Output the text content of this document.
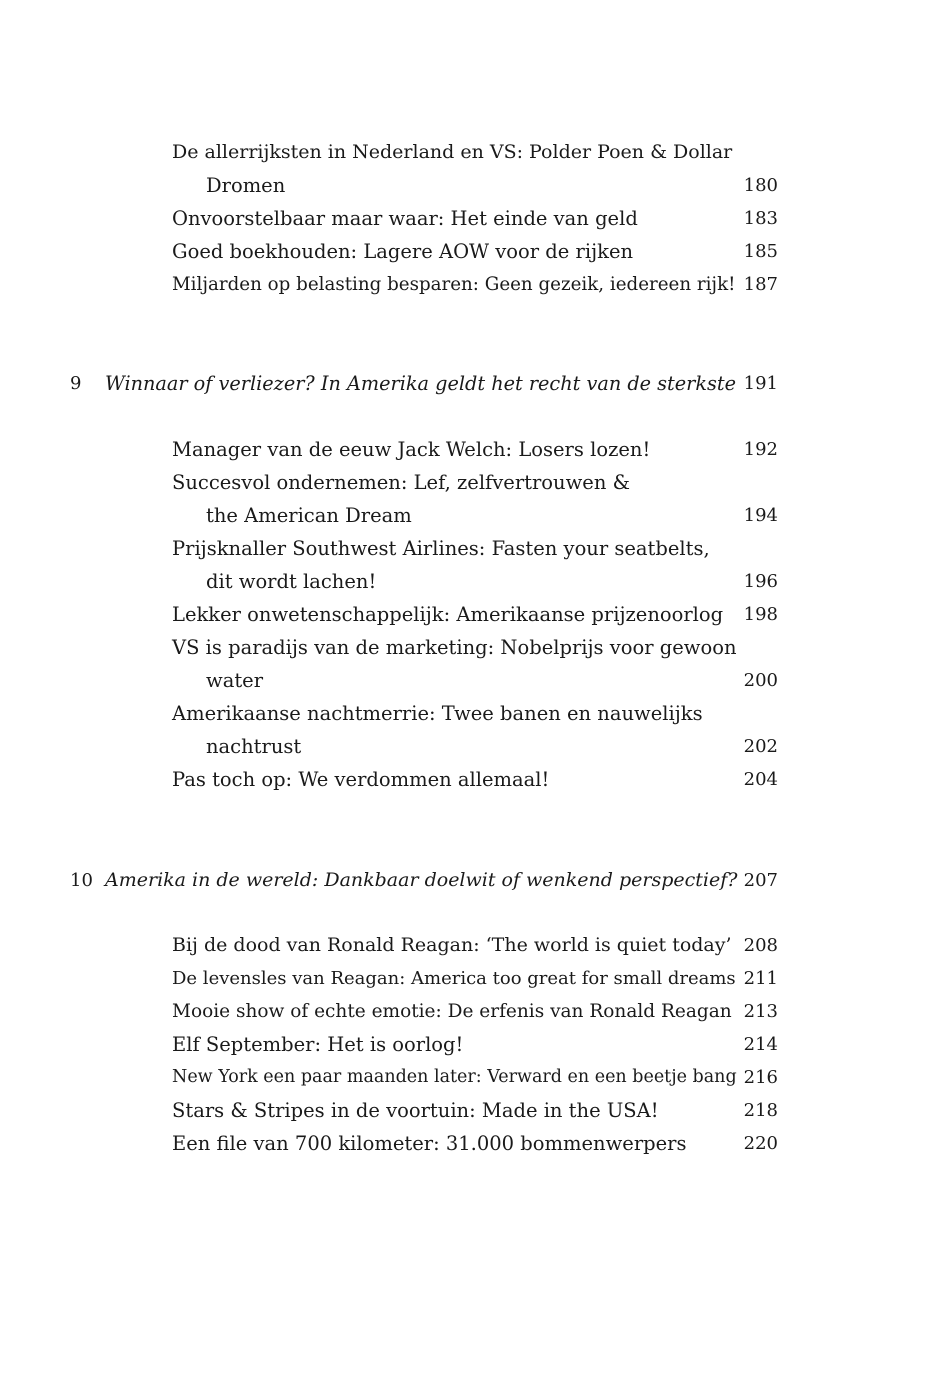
De allerrijksten in Nederland en VS: Polder Poen & Dollar
Dromen	180
Onvoorstelbaar maar waar: Het einde van geld	183
Goed boekhouden: Lagere AOW voor de rijken	185
Miljarden op belasting besparen: Geen gezeik, iedereen rijk! 187
9	Winnaar of verliezer? In Amerika geldt het recht van de sterkste 191
Manager van de eeuw Jack Welch: Losers lozen!	192
Succesvol ondernemen: Lef, zelfvertrouwen &
the American Dream	194
Prijsknaller Southwest Airlines: Fasten your seatbelts,
dit wordt lachen!	196
Lekker onwetenschappelijk: Amerikaanse prijzenoorlog	198
VS is paradijs van de marketing: Nobelprijs voor gewoon
water	200
Amerikaanse nachtmerrie: Twee banen en nauwelijks
nachtrust	202
Pas toch op: We verdommen allemaal!	204
10 Amerika in de wereld: Dankbaar doelwit of wenkend perspectief? 207
Bij de dood van Ronald Reagan: ‘The world is quiet today’ 208
De levensles van Reagan: America too great for small dreams 211
Mooie show of echte emotie: De erfenis van Ronald Reagan 213
Elf September: Het is oorlog!	214
New York een paar maanden later: Verward en een beetje bang 216
Stars & Stripes in de voortuin: Made in the USA!	218
Een file van 700 kilometer: 31.000 bommenwerpers	220
